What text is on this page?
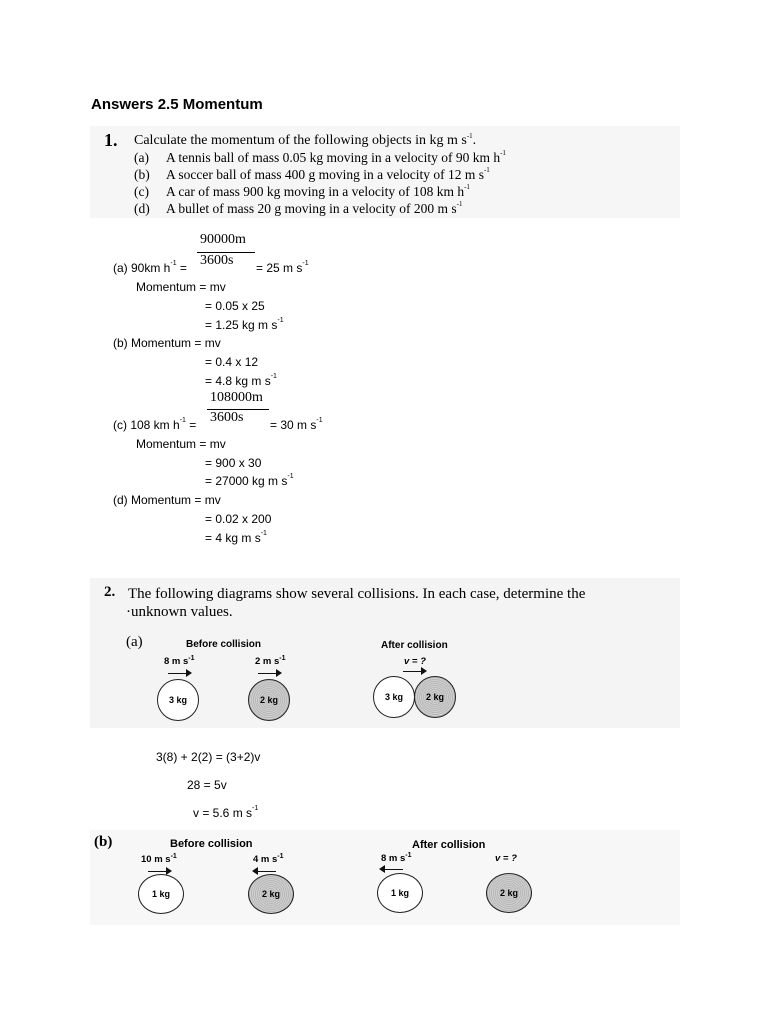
Answers 2.5 Momentum
1. Calculate the momentum of the following objects in kg m $s^{-1}$.
(a) A tennis ball of mass 0.05 kg moving in a velocity of 90 km $h^{-1}$
(b) A soccer ball of mass 400 g moving in a velocity of 12 m $s^{-1}$
(c) A car of mass 900 kg moving in a velocity of 108 km $h^{-1}$
(d) A bullet of mass 20 g moving in a velocity of 200 m $s^{-1}$
90000m
3600s
(a) 90km $h^{-1}$ =	= 25 m $s^{-1}$
Momentum = mv
= 0.05 x 25
= 1.25 kg m $s^{-1}$
(b) Momentum = mv
= 0.4 x 12
= 4.8 kg m $s^{-1}$
108000m
3600s
(c) 108 km $h^{-1}$ =	= 30 m $s^{-1}$
Momentum = mv
= 900 x 30
= 27000 kg m $s^{-1}$
(d) Momentum = mv
= 0.02 x 200
= 4 kg m $s^{-1}$
2. The following diagrams show several collisions. In each case, determine the
·unknown values.
(a)	Before collision	After collision
8 m $s^{-1}$	2 m $s^{-1}$	v = ?
3 kg	2 kg	3 kg	2 kg
3(8) + 2(2) = (3+2)v
28 = 5v
v = 5.6 m $s^{-1}$
(b)	Before collision	After collision
10 m $s^{-1}$	4 m $s^{-1}$	8 m $s^{-1}$	v = ?
1 kg	2 kg	1 kg	2 kg
